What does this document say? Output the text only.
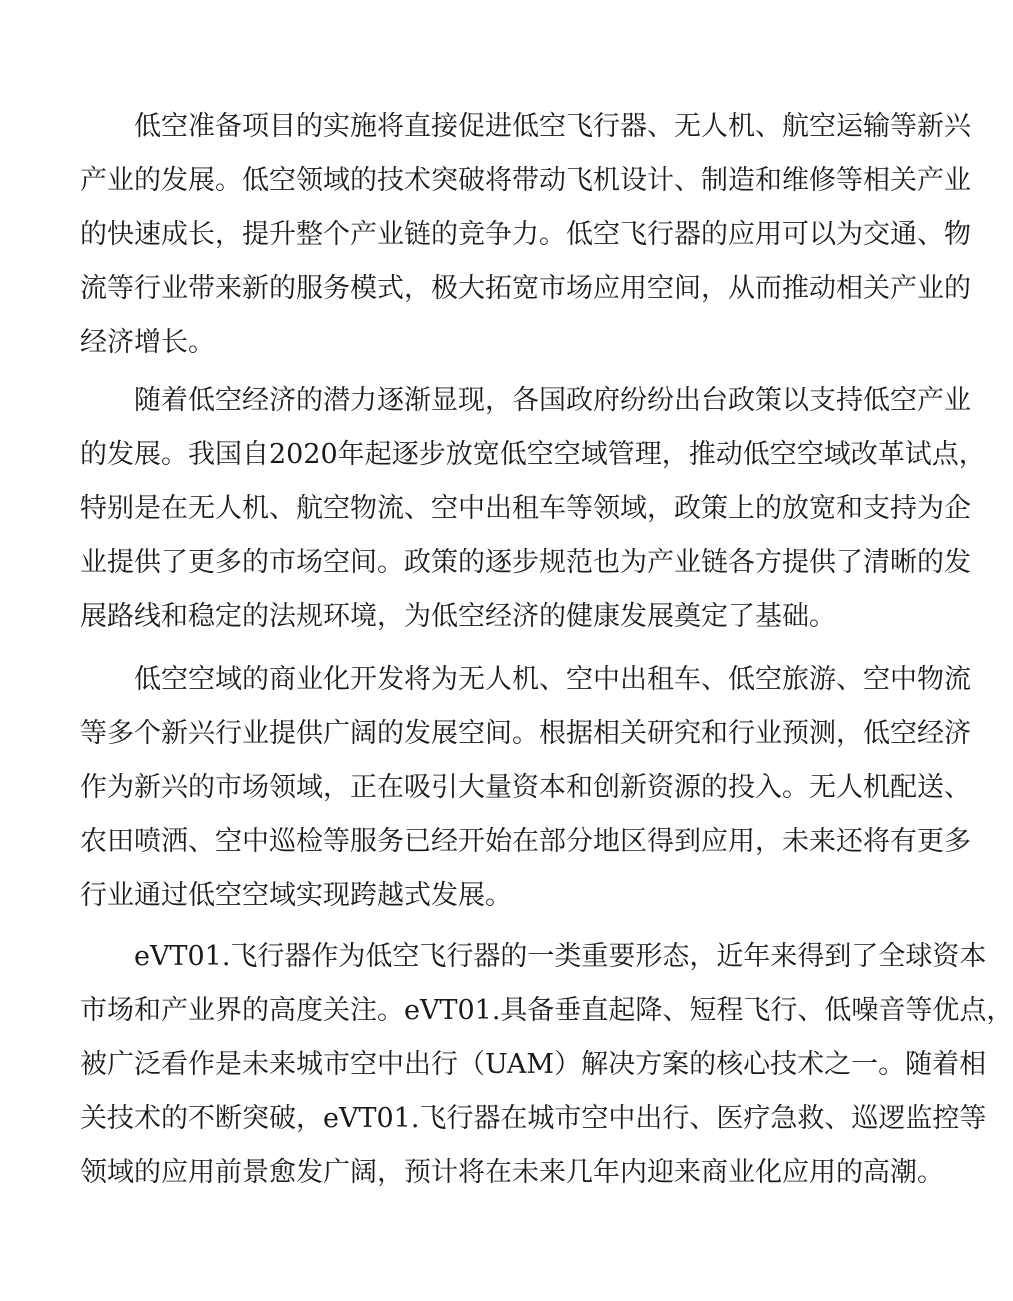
低空准备项目的实施将直接促进低空飞行器、无人机、航空运输等新兴
产业的发展。低空领域的技术突破将带动飞机设计、制造和维修等相关产业
的快速成长，提升整个产业链的竞争力。低空飞行器的应用可以为交通、物
流等行业带来新的服务模式，极大拓宽市场应用空间，从而推动相关产业的
经济增长。
随着低空经济的潜力逐渐显现，各国政府纷纷出台政策以支持低空产业
的发展。我国自2020年起逐步放宽低空空域管理，推动低空空域改革试点，
特别是在无人机、航空物流、空中出租车等领域，政策上的放宽和支持为企
业提供了更多的市场空间。政策的逐步规范也为产业链各方提供了清晰的发
展路线和稳定的法规环境，为低空经济的健康发展奠定了基础。
低空空域的商业化开发将为无人机、空中出租车、低空旅游、空中物流
等多个新兴行业提供广阔的发展空间。根据相关研究和行业预测，低空经济
作为新兴的市场领域，正在吸引大量资本和创新资源的投入。无人机配送、
农田喷洒、空中巡检等服务已经开始在部分地区得到应用，未来还将有更多
行业通过低空空域实现跨越式发展。
eVT01.飞行器作为低空飞行器的一类重要形态，近年来得到了全球资本
市场和产业界的高度关注。eVT01.具备垂直起降、短程飞行、低噪音等优点，
被广泛看作是未来城市空中出行（UAM）解决方案的核心技术之一。随着相
关技术的不断突破，eVT01.飞行器在城市空中出行、医疗急救、巡逻监控等
领域的应用前景愈发广阔，预计将在未来几年内迎来商业化应用的高潮。
